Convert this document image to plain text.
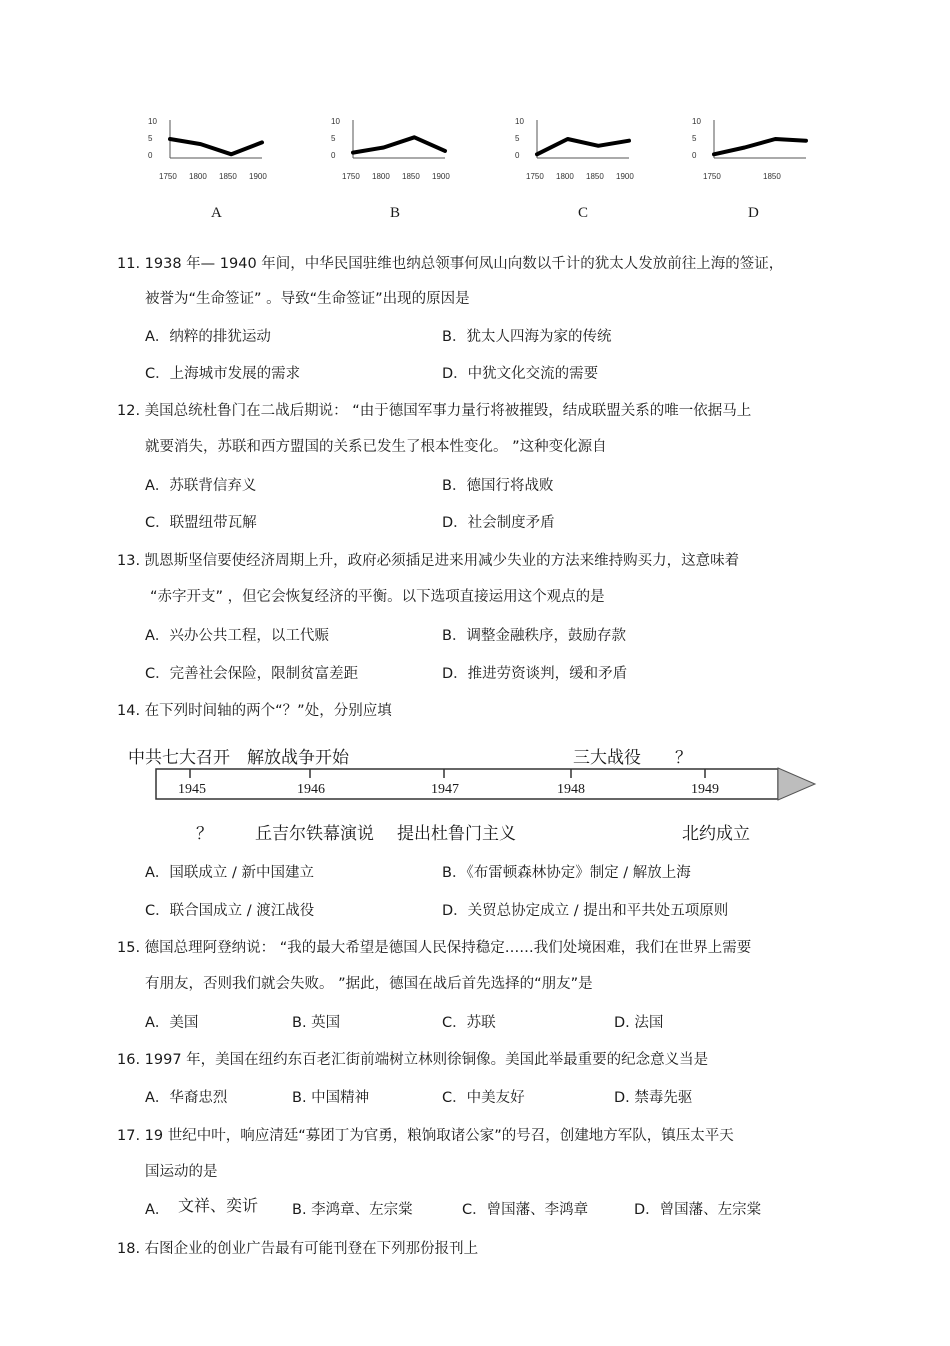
10
5
0
1750 1800 1850 1900
A
10
5
0
1750 1800 1850 1900
B
10
5
0
1750 1800 1850 1900
C
10
5
0
1750	1850
D
11. 1938 年— 1940 年间，中华民国驻维也纳总领事何凤山向数以千计的犹太人发放前往上海的签证，
被誉为“生命签证” 。导致“生命签证”出现的原因是
A．纳粹的排犹运动	B．犹太人四海为家的传统
C．上海城市发展的需求	D．中犹文化交流的需要
12. 美国总统杜鲁门在二战后期说： “由于德国军事力量行将被摧毁，结成联盟关系的唯一依据马上
就要消失，苏联和西方盟国的关系已发生了根本性变化。 ”这种变化源自
A．苏联背信弃义	B．德国行将战败
C．联盟纽带瓦解	D．社会制度矛盾
13. 凯恩斯坚信要使经济周期上升，政府必须插足进来用减少失业的方法来维持购买力，这意味着
“赤字开支” ，但它会恢复经济的平衡。以下选项直接运用这个观点的是
A．兴办公共工程，以工代赈	B．调整金融秩序，鼓励存款
C．完善社会保险，限制贫富差距	D．推进劳资谈判，缓和矛盾
14. 在下列时间轴的两个“？”处，分别应填
中共七大召开 解放战争开始	三大战役 ？
1945	1946	1947	1948	1949
？ 丘吉尔铁幕演说 提出杜鲁门主义	北约成立
A．国联成立 / 新中国建立	B．《布雷顿森林协定》制定 / 解放上海
C．联合国成立 / 渡江战役	D．关贸总协定成立 / 提出和平共处五项原则
15. 德国总理阿登纳说： “我的最大希望是德国人民保持稳定……我们处境困难，我们在世界上需要
有朋友，否则我们就会失败。 ”据此，德国在战后首先选择的“朋友”是
A．美国	B. 英国	C．苏联	D. 法国
16. 1997 年，美国在纽约东百老汇街前端树立林则徐铜像。美国此举最重要的纪念意义当是
A．华裔忠烈	B. 中国精神	C．中美友好	D. 禁毒先驱
17. 19 世纪中叶，响应清廷“募团丁为官勇，粮饷取诸公家”的号召，创建地方军队，镇压太平天
国运动的是
A． 文祥、奕䜣 B. 李鸿章、左宗棠	C．曾国藩、李鸿章	D．曾国藩、左宗棠
18. 右图企业的创业广告最有可能刊登在下列那份报刊上
